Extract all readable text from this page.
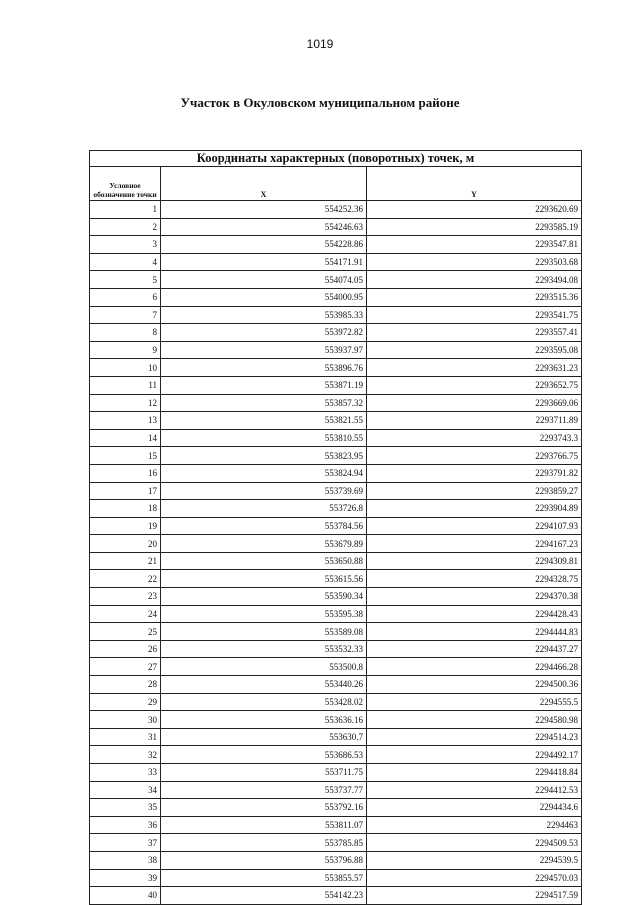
1019
Участок в Окуловском муниципальном районе
Координаты характерных (поворотных) точек, м		
Условное обозначение точки	X	Y
1	554252.36	2293620.69
2	554246.63	2293585.19
3	554228.86	2293547.81
4	554171.91	2293503.68
5	554074.05	2293494.08
6	554000.95	2293515.36
7	553985.33	2293541.75
8	553972.82	2293557.41
9	553937.97	2293595.08
10	553896.76	2293631.23
11	553871.19	2293652.75
12	553857.32	2293669.06
13	553821.55	2293711.89
14	553810.55	2293743.3
15	553823.95	2293766.75
16	553824.94	2293791.82
17	553739.69	2293859.27
18	553726.8	2293904.89
19	553784.56	2294107.93
20	553679.89	2294167.23
21	553650.88	2294309.81
22	553615.56	2294328.75
23	553590.34	2294370.38
24	553595.38	2294428.43
25	553589.08	2294444.83
26	553532.33	2294437.27
27	553500.8	2294466.28
28	553440.26	2294500.36
29	553428.02	2294555.5
30	553636.16	2294580.98
31	553630.7	2294514.23
32	553686.53	2294492.17
33	553711.75	2294418.84
34	553737.77	2294412.53
35	553792.16	2294434.6
36	553811.07	2294463
37	553785.85	2294509.53
38	553796.88	2294539.5
39	553855.57	2294570.03
40	554142.23	2294517.59
